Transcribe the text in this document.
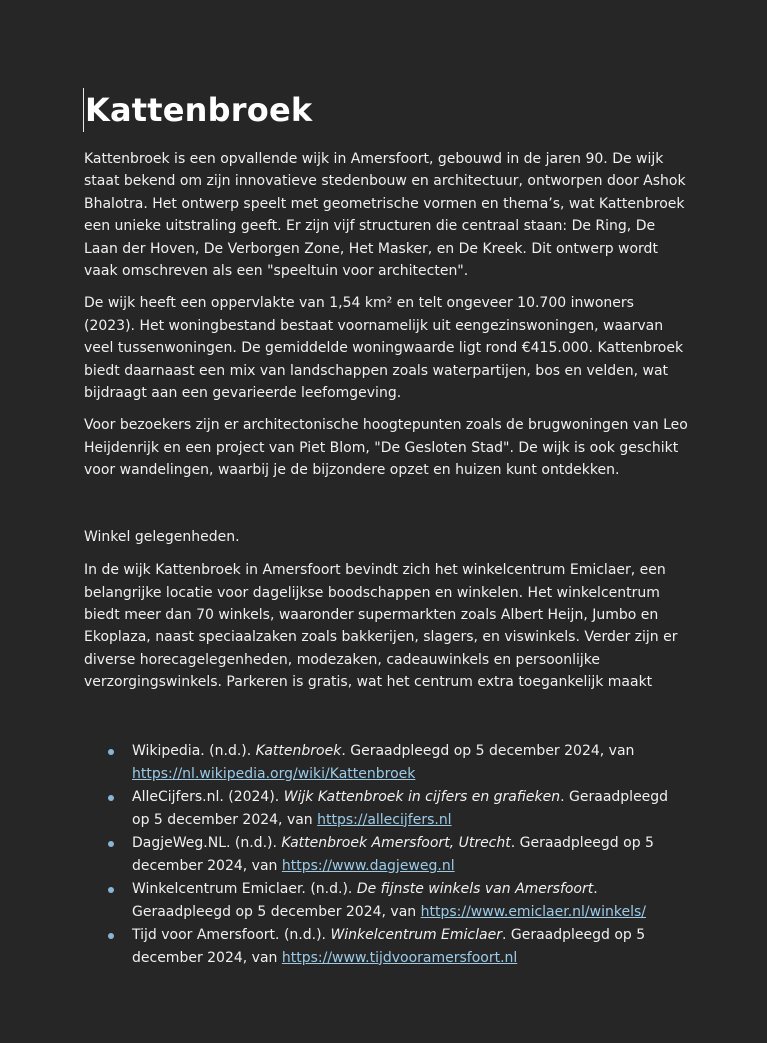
Kattenbroek

Kattenbroek is een opvallende wijk in Amersfoort, gebouwd in de jaren 90. De wijk staat bekend om zijn innovatieve stedenbouw en architectuur, ontworpen door Ashok Bhalotra. Het ontwerp speelt met geometrische vormen en thema’s, wat Kattenbroek een unieke uitstraling geeft. Er zijn vijf structuren die centraal staan: De Ring, De Laan der Hoven, De Verborgen Zone, Het Masker, en De Kreek. Dit ontwerp wordt vaak omschreven als een "speeltuin voor architecten".

De wijk heeft een oppervlakte van 1,54 km² en telt ongeveer 10.700 inwoners (2023). Het woningbestand bestaat voornamelijk uit eengezinswoningen, waarvan veel tussenwoningen. De gemiddelde woningwaarde ligt rond €415.000. Kattenbroek biedt daarnaast een mix van landschappen zoals waterpartijen, bos en velden, wat bijdraagt aan een gevarieerde leefomgeving.

Voor bezoekers zijn er architectonische hoogtepunten zoals de brugwoningen van Leo Heijdenrijk en een project van Piet Blom, "De Gesloten Stad". De wijk is ook geschikt voor wandelingen, waarbij je de bijzondere opzet en huizen kunt ontdekken.

Winkel gelegenheden.

In de wijk Kattenbroek in Amersfoort bevindt zich het winkelcentrum Emiclaer, een belangrijke locatie voor dagelijkse boodschappen en winkelen. Het winkelcentrum biedt meer dan 70 winkels, waaronder supermarkten zoals Albert Heijn, Jumbo en Ekoplaza, naast speciaalzaken zoals bakkerijen, slagers, en viswinkels. Verder zijn er diverse horecagelegenheden, modezaken, cadeauwinkels en persoonlijke verzorgingswinkels. Parkeren is gratis, wat het centrum extra toegankelijk maakt

Wikipedia. (n.d.). Kattenbroek. Geraadpleegd op 5 december 2024, van https://nl.wikipedia.org/wiki/Kattenbroek
AlleCijfers.nl. (2024). Wijk Kattenbroek in cijfers en grafieken. Geraadpleegd op 5 december 2024, van https://allecijfers.nl
DagjeWeg.NL. (n.d.). Kattenbroek Amersfoort, Utrecht. Geraadpleegd op 5 december 2024, van https://www.dagjeweg.nl
Winkelcentrum Emiclaer. (n.d.). De fijnste winkels van Amersfoort. Geraadpleegd op 5 december 2024, van https://www.emiclaer.nl/winkels/
Tijd voor Amersfoort. (n.d.). Winkelcentrum Emiclaer. Geraadpleegd op 5 december 2024, van https://www.tijdvooramersfoort.nl
